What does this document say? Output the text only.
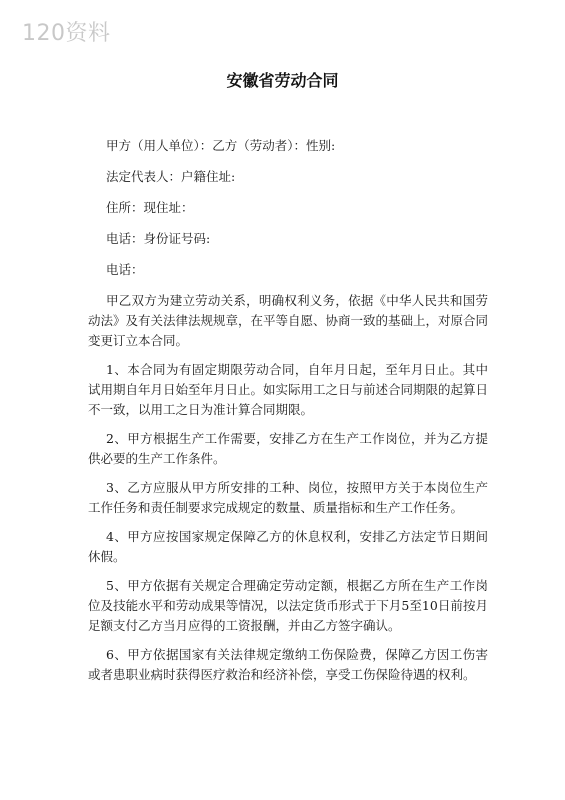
120资料
安徽省劳动合同
甲方（用人单位）：乙方（劳动者）：性别:
法定代表人：户籍住址:
住所：现住址：
电话：身份证号码:
电话：

甲乙双方为建立劳动关系，明确权利义务，依据《中华人民共和国劳动法》及有关法律法规规章，在平等自愿、协商一致的基础上，对原合同变更订立本合同。

1、本合同为有固定期限劳动合同，自年月日起，至年月日止。其中试用期自年月日始至年月日止。如实际用工之日与前述合同期限的起算日不一致，以用工之日为准计算合同期限。

2、甲方根据生产工作需要，安排乙方在生产工作岗位，并为乙方提供必要的生产工作条件。

3、乙方应服从甲方所安排的工种、岗位，按照甲方关于本岗位生产工作任务和责任制要求完成规定的数量、质量指标和生产工作任务。

4、甲方应按国家规定保障乙方的休息权利，安排乙方法定节日期间休假。

5、甲方依据有关规定合理确定劳动定额，根据乙方所在生产工作岗位及技能水平和劳动成果等情况，以法定货币形式于下月5至10日前按月足额支付乙方当月应得的工资报酬，并由乙方签字确认。

6、甲方依据国家有关法律规定缴纳工伤保险费，保障乙方因工伤害或者患职业病时获得医疗救治和经济补偿，享受工伤保险待遇的权利。
